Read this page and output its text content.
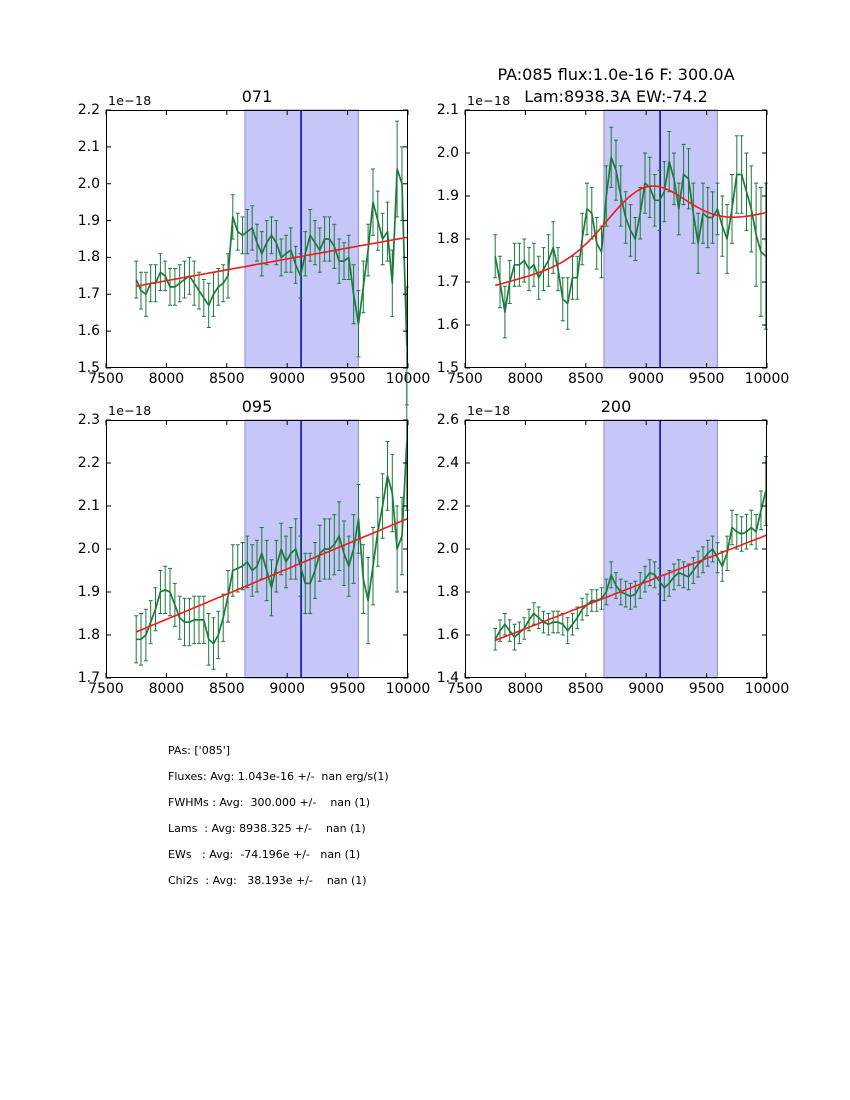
071
1e−18
7500	8000	8500	9000	9500	10000
1.5
1.6
1.7
1.8
1.9
2.0
2.1
2.2
PA:085 flux:1.0e-16 F: 300.0A
Lam:8938.3A EW:-74.2
1e−18
7500	8000	8500	9000	9500	10000
1.5
1.6
1.7
1.8
1.9
2.0
2.1
095
1e−18
7500	8000	8500	9000	9500	10000
1.7
1.8
1.9
2.0
2.1
2.2
2.3
200
1e−18
7500	8000	8500	9000	9500	10000
1.4
1.6
1.8
2.0
2.2
2.4
2.6
PAs: ['085']
Fluxes: Avg: 1.043e-16 +/-  nan erg/s(1)
FWHMs : Avg:  300.000 +/-    nan (1)
Lams  : Avg: 8938.325 +/-    nan (1)
EWs   : Avg:  -74.196e +/-   nan (1)
Chi2s  : Avg:   38.193e +/-    nan (1)
